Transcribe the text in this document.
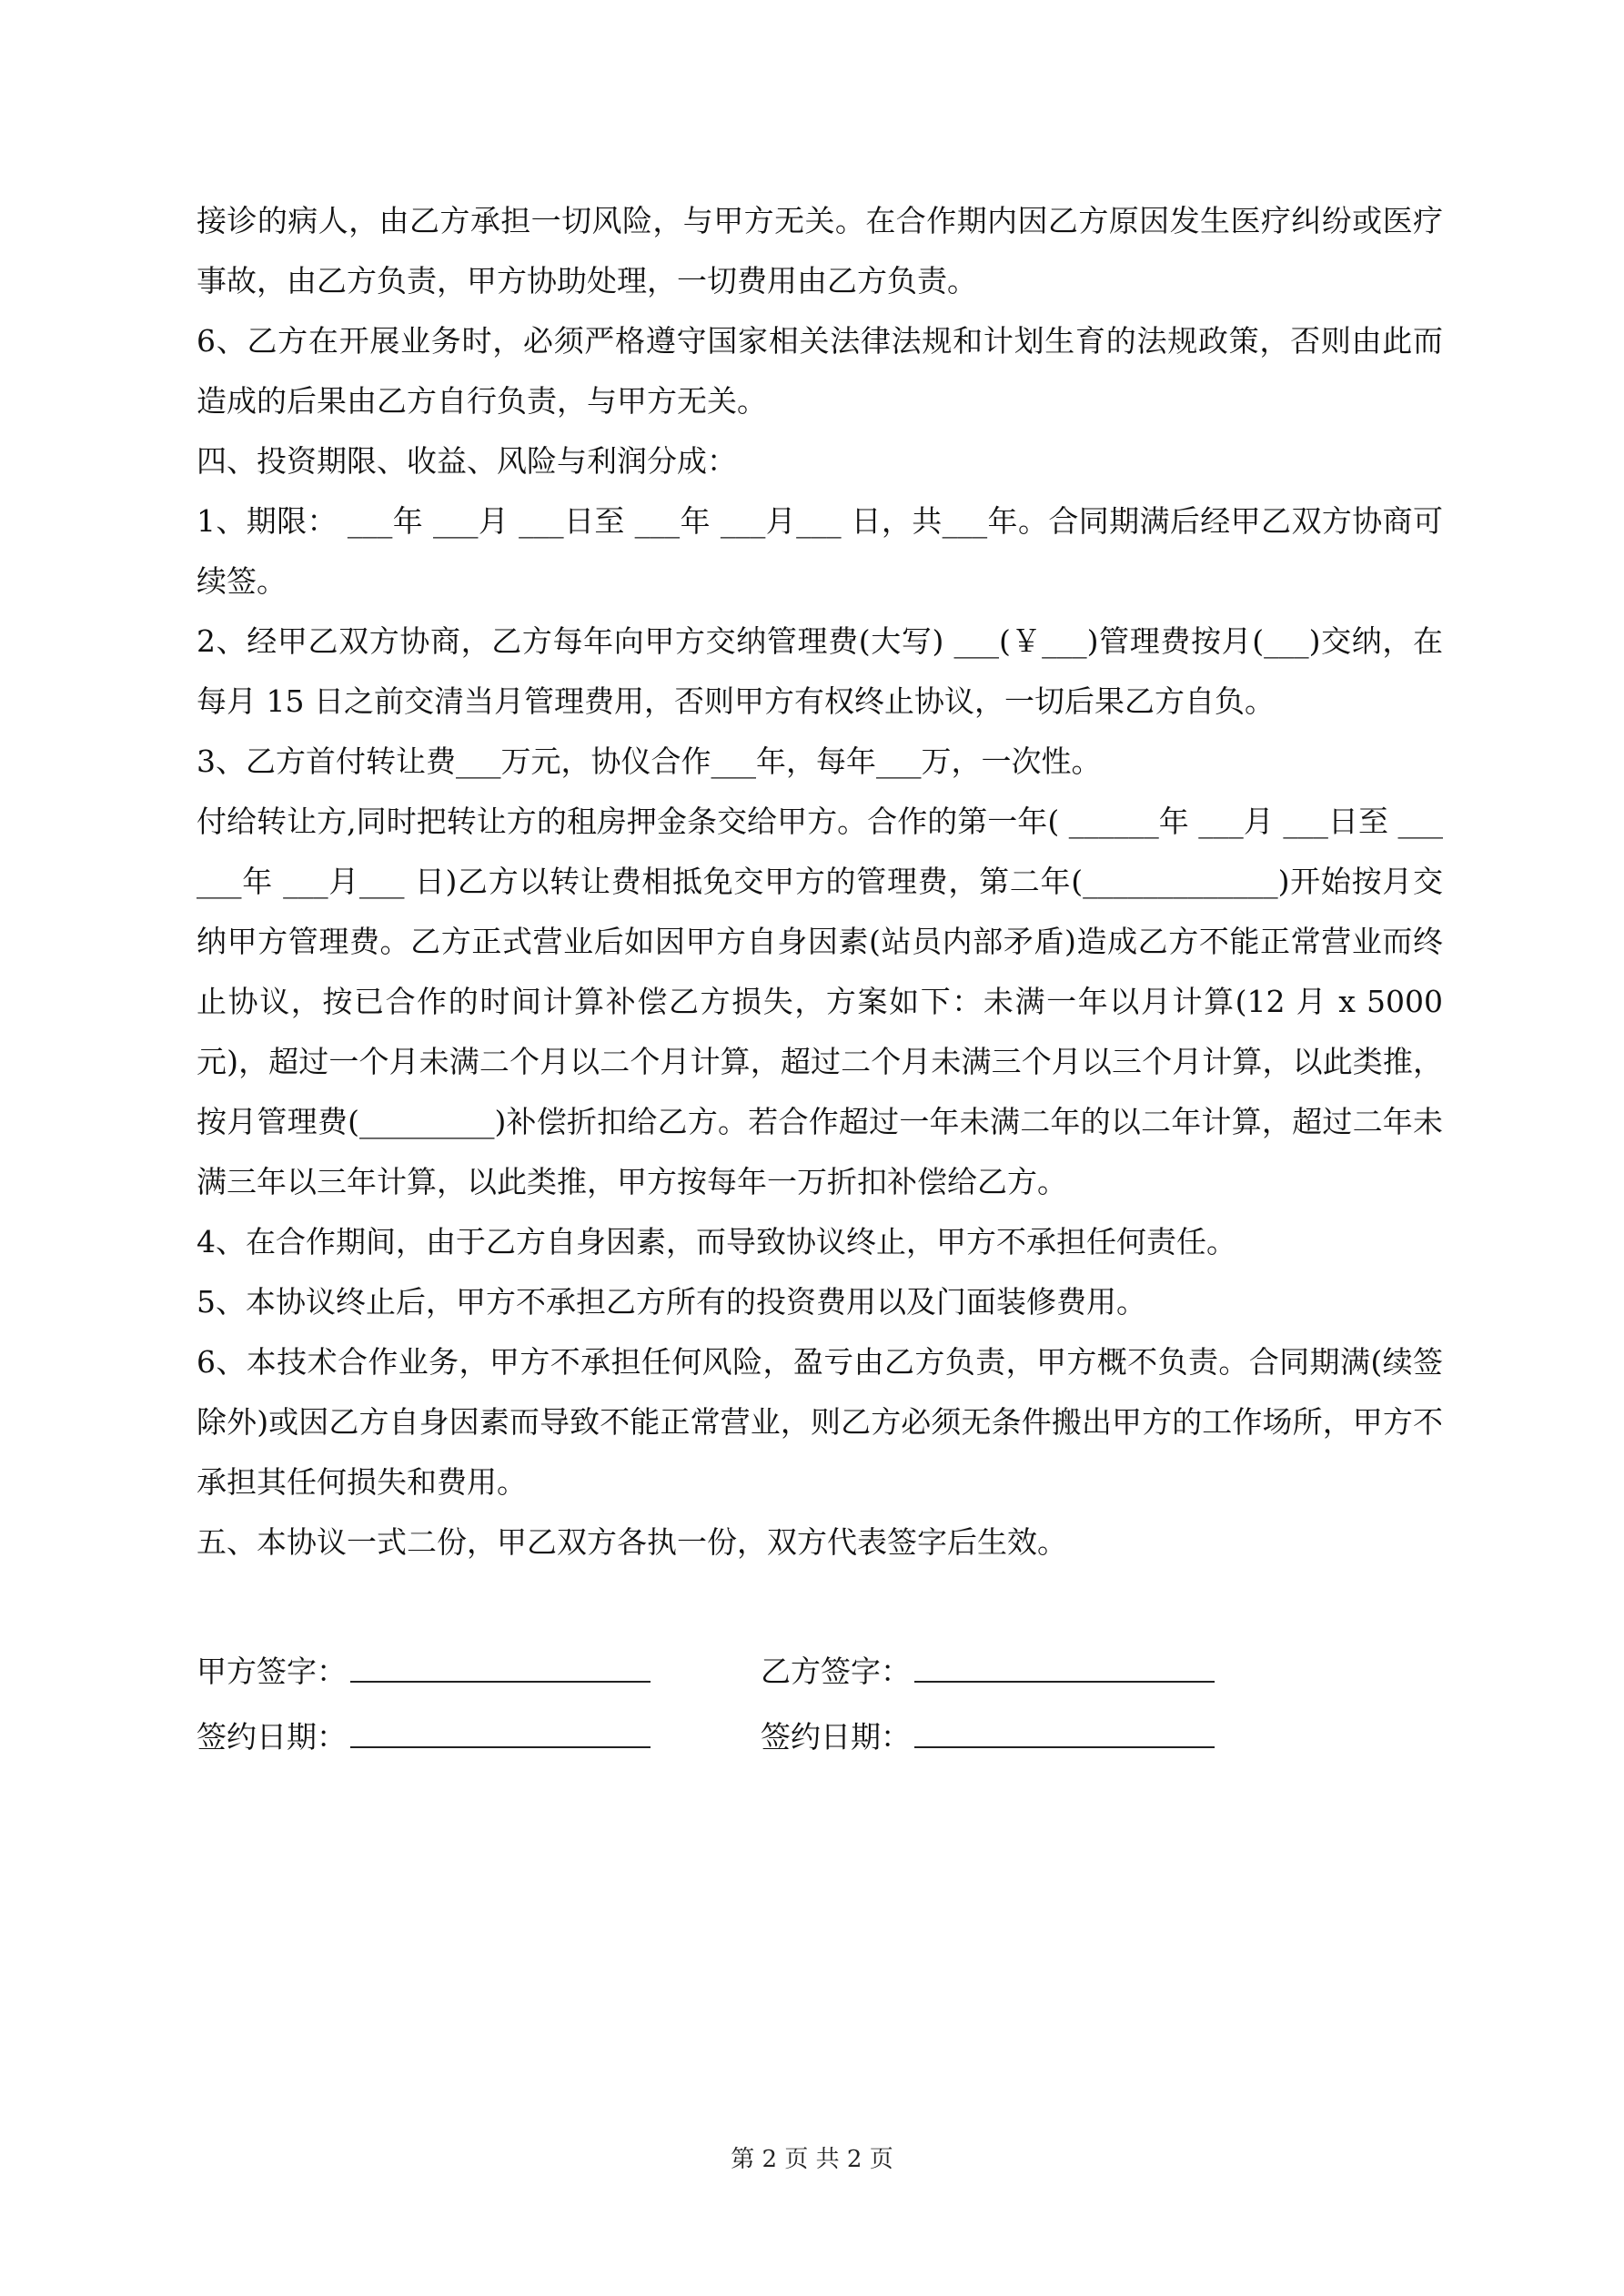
接诊的病人，由乙方承担一切风险，与甲方无关。在合作期内因乙方原因发生医疗纠纷或医疗事故，由乙方负责，甲方协助处理，一切费用由乙方负责。

6、乙方在开展业务时，必须严格遵守国家相关法律法规和计划生育的法规政策，否则由此而造成的后果由乙方自行负责，与甲方无关。

四、投资期限、收益、风险与利润分成：

1、期限： ___年 ___月 ___日至 ___年 ___月___ 日，共___年。合同期满后经甲乙双方协商可续签。

2、经甲乙双方协商，乙方每年向甲方交纳管理费(大写) ___(￥___)管理费按月(___)交纳，在每月 15 日之前交清当月管理费用，否则甲方有权终止协议，一切后果乙方自负。

3、乙方首付转让费___万元，协仪合作___年，每年___万，一次性。

付给转让方,同时把转让方的租房押金条交给甲方。合作的第一年( ______年 ___月 ___日至 ______年 ___月___ 日)乙方以转让费相抵免交甲方的管理费，第二年(_____________)开始按月交纳甲方管理费。乙方正式营业后如因甲方自身因素(站员内部矛盾)造成乙方不能正常营业而终止协议，按已合作的时间计算补偿乙方损失，方案如下：未满一年以月计算(12 月 x 5000 元)，超过一个月未满二个月以二个月计算，超过二个月未满三个月以三个月计算，以此类推，按月管理费(_________)补偿折扣给乙方。若合作超过一年未满二年的以二年计算，超过二年未满三年以三年计算，以此类推，甲方按每年一万折扣补偿给乙方。

4、在合作期间，由于乙方自身因素，而导致协议终止，甲方不承担任何责任。

5、本协议终止后，甲方不承担乙方所有的投资费用以及门面装修费用。

6、本技术合作业务，甲方不承担任何风险，盈亏由乙方负责，甲方概不负责。合同期满(续签除外)或因乙方自身因素而导致不能正常营业，则乙方必须无条件搬出甲方的工作场所，甲方不承担其任何损失和费用。

五、本协议一式二份，甲乙双方各执一份，双方代表签字后生效。

甲方签字：	乙方签字：
签约日期：	签约日期：
第 2 页 共 2 页
